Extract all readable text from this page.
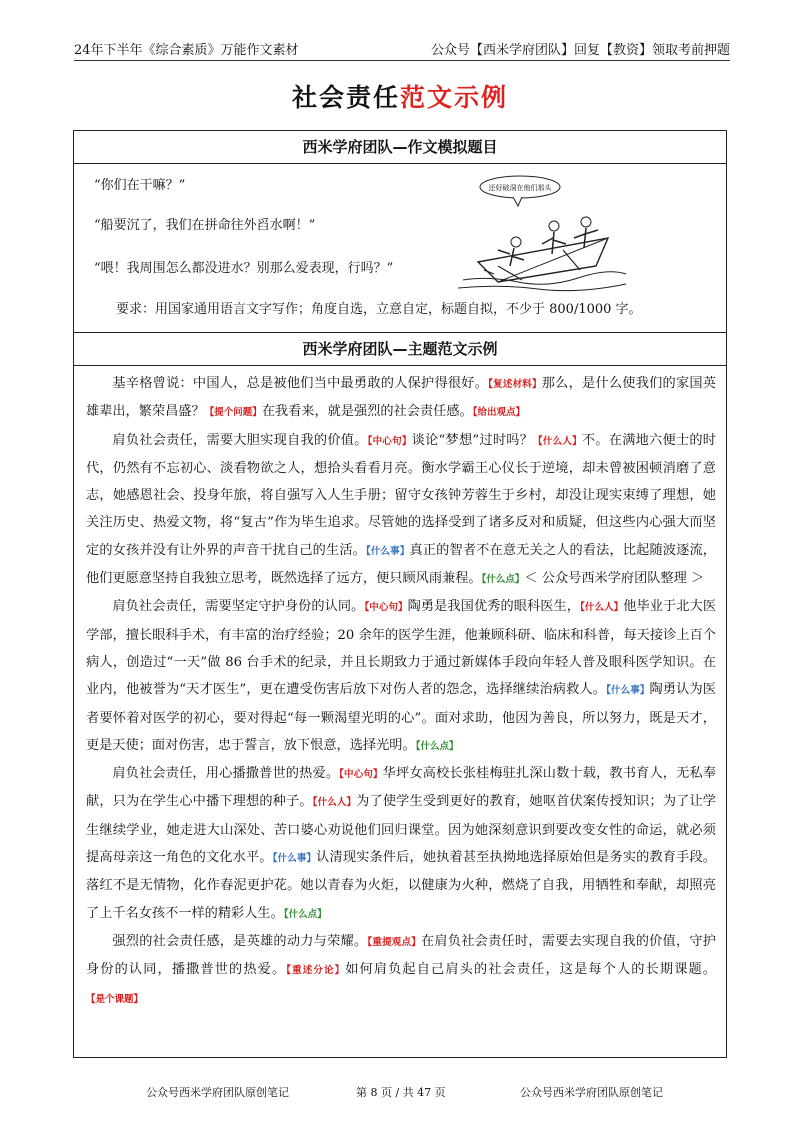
24年下半年《综合素质》万能作文素材	公众号【西米学府团队】回复【教资】领取考前押题
社会责任范文示例
西米学府团队—作文模拟题目
“你们在干嘛？”
“船要沉了，我们在拼命往外舀水啊！”
“喂！我周围怎么都没进水？别那么爱表现，行吗？”
还好破洞在他们那头
要求：用国家通用语言文字写作；角度自选，立意自定，标题自拟，不少于 800/1000 字。
西米学府团队—主题范文示例

基辛格曾说：中国人，总是被他们当中最勇敢的人保护得很好。【复述材料】那么，是什么使我们的家国英雄辈出，繁荣昌盛？【提个问题】在我看来，就是强烈的社会责任感。【给出观点】

肩负社会责任，需要大胆实现自我的价值。【中心句】谈论“梦想”过时吗？【什么人】不。在满地六便士的时代，仍然有不忘初心、淡看物欲之人，想拾头看看月亮。衡水学霸王心仪长于逆境，却未曾被困顿消磨了意志，她感恩社会、投身年旅，将自强写入人生手册；留守女孩钟芳蓉生于乡村，却没让现实束缚了理想，她关注历史、热爱文物，将“复古”作为毕生追求。尽管她的选择受到了诸多反对和质疑，但这些内心强大而坚定的女孩并没有让外界的声音干扰自己的生活。【什么事】真正的智者不在意无关之人的看法，比起随波逐流，他们更愿意坚持自我独立思考，既然选择了远方，便只顾风雨兼程。【什么点】＜ 公众号西米学府团队整理 ＞

肩负社会责任，需要坚定守护身份的认同。【中心句】陶勇是我国优秀的眼科医生，【什么人】他毕业于北大医学部，擅长眼科手术，有丰富的治疗经验；20 余年的医学生涯，他兼顾科研、临床和科普，每天接诊上百个病人，创造过“一天”做 86 台手术的纪录，并且长期致力于通过新媒体手段向年轻人普及眼科医学知识。在业内，他被誉为“天才医生”，更在遭受伤害后放下对伤人者的怨念，选择继续治病救人。【什么事】陶勇认为医者要怀着对医学的初心，要对得起“每一颗渴望光明的心”。面对求助，他因为善良，所以努力，既是天才，更是天使；面对伤害，忠于誓言，放下恨意，选择光明。【什么点】

肩负社会责任，用心播撒普世的热爱。【中心句】华坪女高校长张桂梅驻扎深山数十载，教书育人，无私奉献，只为在学生心中播下理想的种子。【什么人】为了使学生受到更好的教育，她呕首伏案传授知识；为了让学生继续学业，她走进大山深处、苦口婆心劝说他们回归课堂。因为她深刻意识到要改变女性的命运，就必须提高母亲这一角色的文化水平。【什么事】认清现实条件后，她执着甚至执拗地选择原始但是务实的教育手段。落红不是无情物，化作春泥更护花。她以青春为火炬，以健康为火种，燃烧了自我，用牺牲和奉献，却照亮了上千名女孩不一样的精彩人生。【什么点】

强烈的社会责任感，是英雄的动力与荣耀。【重提观点】在肩负社会责任时，需要去实现自我的价值，守护身份的认同，播撒普世的热爱。【重述分论】如何肩负起自己肩头的社会责任，这是每个人的长期课题。【是个课题】

公众号西米学府团队原创笔记	第 8 页 / 共 47 页	公众号西米学府团队原创笔记
